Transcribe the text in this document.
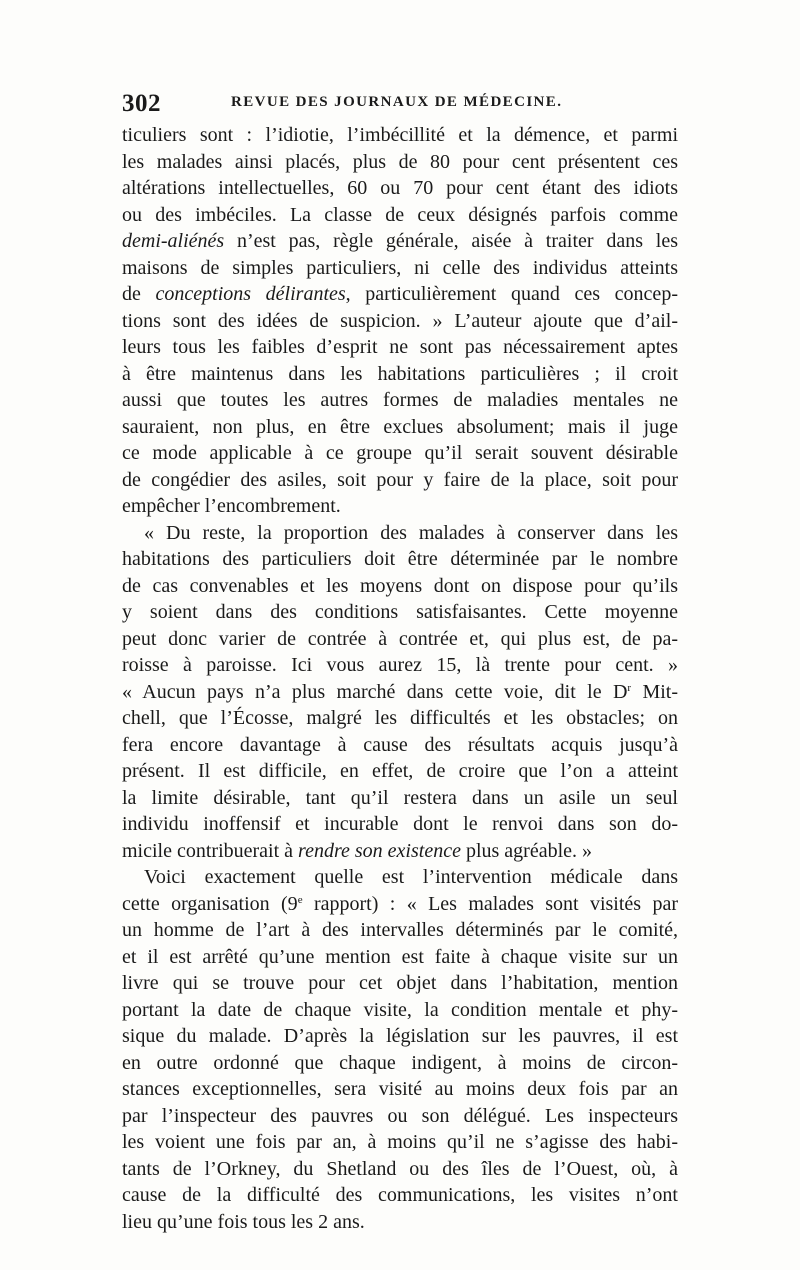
302	REVUE DES JOURNAUX DE MÉDECINE.
ticuliers sont : l’idiotie, l’imbécillité et la démence, et parmi
les malades ainsi placés, plus de 80 pour cent présentent ces
altérations intellectuelles, 60 ou 70 pour cent étant des idiots
ou des imbéciles. La classe de ceux désignés parfois comme
demi-aliénés n’est pas, règle générale, aisée à traiter dans les
maisons de simples particuliers, ni celle des individus atteints
de conceptions délirantes, particulièrement quand ces concep-
tions sont des idées de suspicion. » L’auteur ajoute que d’ail-
leurs tous les faibles d’esprit ne sont pas nécessairement aptes
à être maintenus dans les habitations particulières ; il croit
aussi que toutes les autres formes de maladies mentales ne
sauraient, non plus, en être exclues absolument; mais il juge
ce mode applicable à ce groupe qu’il serait souvent désirable
de congédier des asiles, soit pour y faire de la place, soit pour
empêcher l’encombrement.
« Du reste, la proportion des malades à conserver dans les
habitations des particuliers doit être déterminée par le nombre
de cas convenables et les moyens dont on dispose pour qu’ils
y soient dans des conditions satisfaisantes. Cette moyenne
peut donc varier de contrée à contrée et, qui plus est, de pa-
roisse à paroisse. Ici vous aurez 15, là trente pour cent. »
« Aucun pays n’a plus marché dans cette voie, dit le $D^r$ Mit-
chell, que l’Écosse, malgré les difficultés et les obstacles; on
fera encore davantage à cause des résultats acquis jusqu’à
présent. Il est difficile, en effet, de croire que l’on a atteint
la limite désirable, tant qu’il restera dans un asile un seul
individu inoffensif et incurable dont le renvoi dans son do-
micile contribuerait à rendre son existence plus agréable. »
Voici exactement quelle est l’intervention médicale dans
cette organisation (9e rapport) : « Les malades sont visités par
un homme de l’art à des intervalles déterminés par le comité,
et il est arrêté qu’une mention est faite à chaque visite sur un
livre qui se trouve pour cet objet dans l’habitation, mention
portant la date de chaque visite, la condition mentale et phy-
sique du malade. D’après la législation sur les pauvres, il est
en outre ordonné que chaque indigent, à moins de circon-
stances exceptionnelles, sera visité au moins deux fois par an
par l’inspecteur des pauvres ou son délégué. Les inspecteurs
les voient une fois par an, à moins qu’il ne s’agisse des habi-
tants de l’Orkney, du Shetland ou des îles de l’Ouest, où, à
cause de la difficulté des communications, les visites n’ont
lieu qu’une fois tous les 2 ans.
